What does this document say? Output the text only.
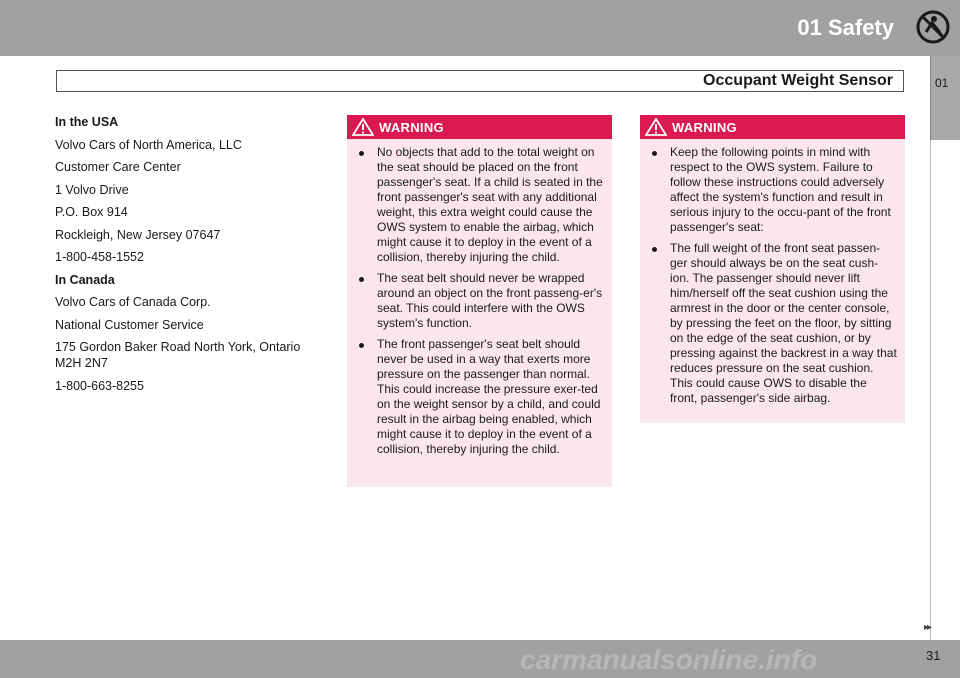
01 Safety
Occupant Weight Sensor	01

In the USA

Volvo Cars of North America, LLC

Customer Care Center

1 Volvo Drive

P.O. Box 914

Rockleigh, New Jersey 07647

1-800-458-1552

In Canada

Volvo Cars of Canada Corp.

National Customer Service

175 Gordon Baker Road North York, Ontario M2H 2N7

1-800-663-8255

WARNING
No objects that add to the total weight on the seat should be placed on the front passenger's seat. If a child is seated in the front passenger's seat with any additional weight, this extra weight could cause the OWS system to enable the airbag, which might cause it to deploy in the event of a collision, thereby injuring the child.
The seat belt should never be wrapped around an object on the front passeng-er's seat. This could interfere with the OWS system's function.
The front passenger's seat belt should never be used in a way that exerts more pressure on the passenger than normal. This could increase the pressure exer-ted on the weight sensor by a child, and could result in the airbag being enabled, which might cause it to deploy in the event of a collision, thereby injuring the child.
WARNING
Keep the following points in mind with respect to the OWS system. Failure to follow these instructions could adversely affect the system's function and result in serious injury to the occu-pant of the front passenger's seat:
The full weight of the front seat passen-ger should always be on the seat cush-ion. The passenger should never lift him/herself off the seat cushion using the armrest in the door or the center console, by pressing the feet on the floor, by sitting on the edge of the seat cushion, or by pressing against the backrest in a way that reduces pressure on the seat cushion. This could cause OWS to disable the front, passenger's side airbag.
▸▸
31
carmanualsonline.info
